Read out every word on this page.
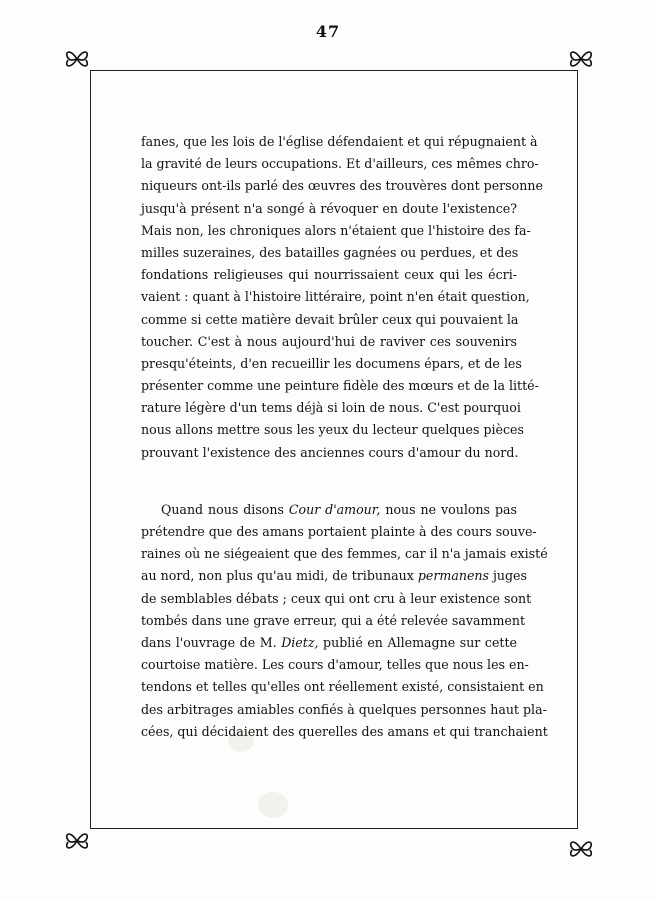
47
fanes, que les lois de l'église défendaient et qui répugnaient à
la gravité de leurs occupations. Et d'ailleurs, ces mêmes chro-
niqueurs ont-ils parlé des œuvres des trouvères dont personne
jusqu'à présent n'a songé à révoquer en doute l'existence?
Mais non, les chroniques alors n'étaient que l'histoire des fa-
milles suzeraines, des batailles gagnées ou perdues, et des
fondations religieuses qui nourrissaient ceux qui les écri-
vaient : quant à l'histoire littéraire, point n'en était question,
comme si cette matière devait brûler ceux qui pouvaient la
toucher. C'est à nous aujourd'hui de raviver ces souvenirs
presqu'éteints, d'en recueillir les documens épars, et de les
présenter comme une peinture fidèle des mœurs et de la litté-
rature légère d'un tems déjà si loin de nous. C'est pourquoi
nous allons mettre sous les yeux du lecteur quelques pièces
prouvant l'existence des anciennes cours d'amour du nord.
Quand nous disons Cour d'amour, nous ne voulons pas
prétendre que des amans portaient plainte à des cours souve-
raines où ne siégeaient que des femmes, car il n'a jamais existé
au nord, non plus qu'au midi, de tribunaux permanens juges
de semblables débats ; ceux qui ont cru à leur existence sont
tombés dans une grave erreur, qui a été relevée savamment
dans l'ouvrage de M. Dietz, publié en Allemagne sur cette
courtoise matière. Les cours d'amour, telles que nous les en-
tendons et telles qu'elles ont réellement existé, consistaient en
des arbitrages amiables confiés à quelques personnes haut pla-
cées, qui décidaient des querelles des amans et qui tranchaient
